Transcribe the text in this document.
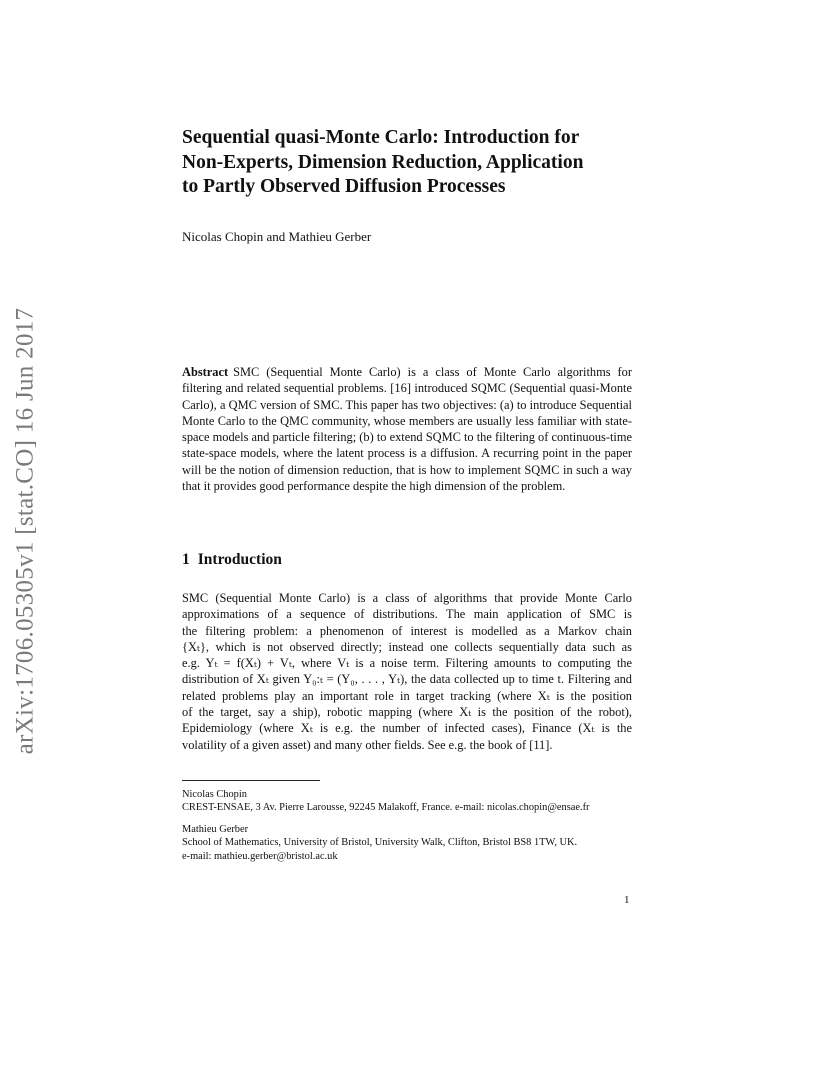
arXiv:1706.05305v1 [stat.CO] 16 Jun 2017
Sequential quasi-Monte Carlo: Introduction for
Non-Experts, Dimension Reduction, Application
to Partly Observed Diffusion Processes
Nicolas Chopin and Mathieu Gerber
Abstract SMC (Sequential Monte Carlo) is a class of Monte Carlo algorithms for filtering and related sequential problems. [16] introduced SQMC (Sequential quasi-Monte Carlo), a QMC version of SMC. This paper has two objectives: (a) to introduce Sequential Monte Carlo to the QMC community, whose members are usually less familiar with state-space models and particle filtering; (b) to extend SQMC to the filtering of continuous-time state-space models, where the latent process is a diffusion. A recurring point in the paper will be the notion of dimension reduction, that is how to implement SQMC in such a way that it provides good performance despite the high dimension of the problem.
1 Introduction
SMC (Sequential Monte Carlo) is a class of algorithms that provide Monte Carlo
approximations of a sequence of distributions. The main application of SMC is
the filtering problem: a phenomenon of interest is modelled as a Markov chain
{Xₜ}, which is not observed directly; instead one collects sequentially data such as
e.g. Yₜ = f(Xₜ) + Vₜ, where Vₜ is a noise term. Filtering amounts to computing the
distribution of Xₜ given Y₀:ₜ = (Y₀, . . . , Yₜ), the data collected up to time t. Filtering and
related problems play an important role in target tracking (where Xₜ is the position
of the target, say a ship), robotic mapping (where Xₜ is the position of the robot),
Epidemiology (where Xₜ is e.g. the number of infected cases), Finance (Xₜ is the
volatility of a given asset) and many other fields. See e.g. the book of [11].
Nicolas Chopin
CREST-ENSAE, 3 Av. Pierre Larousse, 92245 Malakoff, France. e-mail: nicolas.chopin@ensae.fr
Mathieu Gerber
School of Mathematics, University of Bristol, University Walk, Clifton, Bristol BS8 1TW, UK.
e-mail: mathieu.gerber@bristol.ac.uk
1
